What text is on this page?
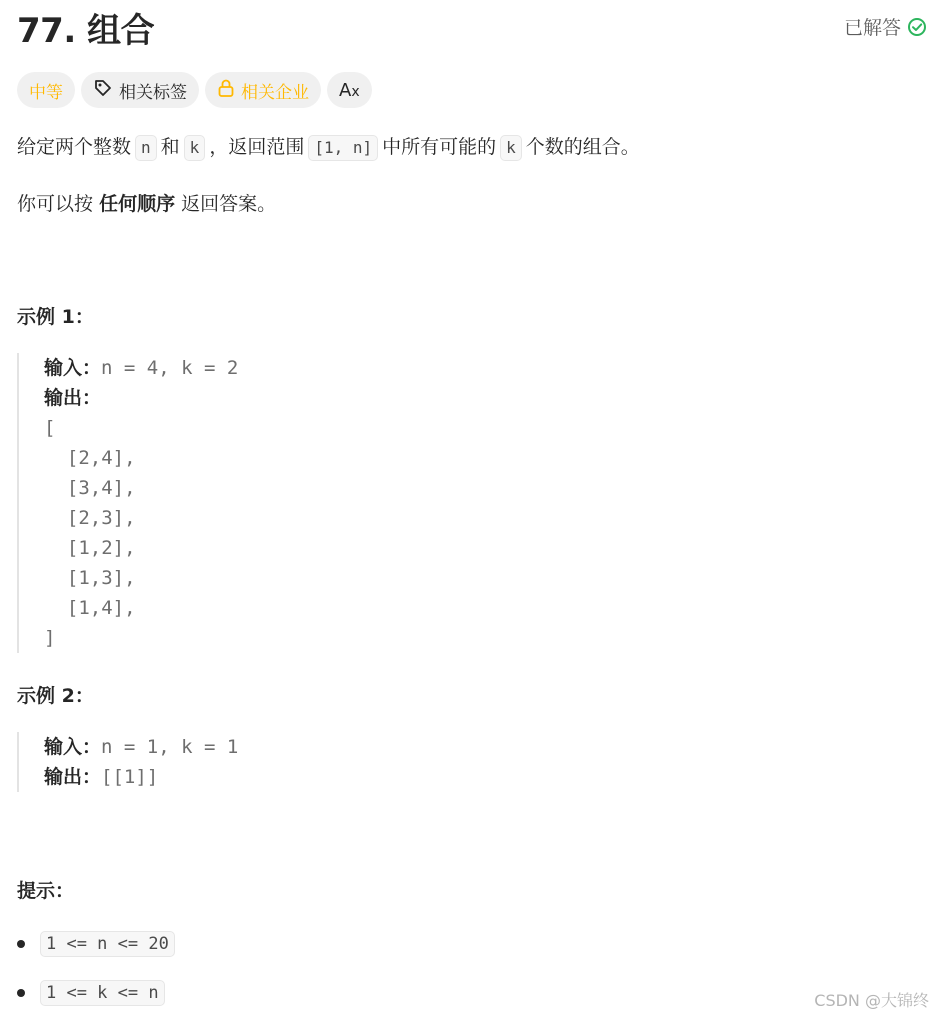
77. 组合	已解答
中等	相关标签	相关企业 Ax
给定两个整数 n 和 k ，返回范围 [1, n] 中所有可能的 k 个数的组合。
你可以按 任何顺序 返回答案。
示例 1：
输入：n = 4, k = 2
输出：
[
[2,4],
[3,4],
[2,3],
[1,2],
[1,3],
[1,4],
]
示例 2：
输入：n = 1, k = 1
输出：[[1]]
提示：
1 <= n <= 20
1 <= k <= n	CSDN @大锦终
